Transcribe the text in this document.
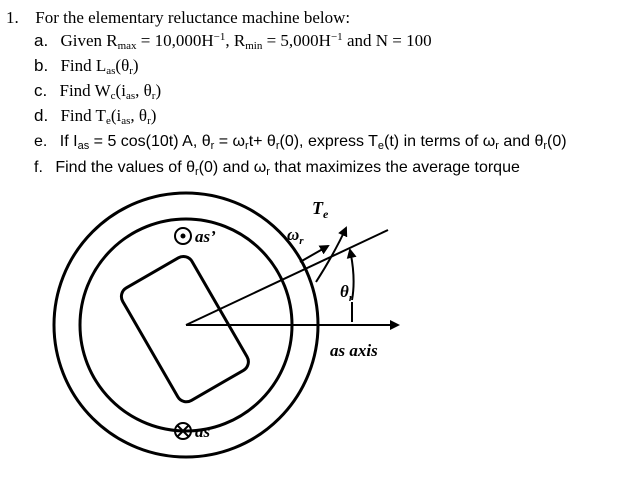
1. For the elementary reluctance machine below:
a. Given $R_{max} = 10,000H^{-1}$, $R_{min} = 5,000H^{-1}$ and N = 100
b. Find $L_{as}(\theta_r)$
c. Find $W_c(i_{as}$, $\theta_r$)
d. Find $T_e(i_{as}$, $\theta_r$)
e. If $I_{as} = 5$ cos(10t) A, $\theta_r = \omega_rt+ \theta_r(0)$, express $T_e(t)$ in terms of $\omega_r$ and $\theta_r(0)$
f. Find the values of $\theta_r(0)$ and $\omega_r$ that maximizes the average torque
as’
as
$T_e$
$\omega_r$
$\theta_r$
as axis
